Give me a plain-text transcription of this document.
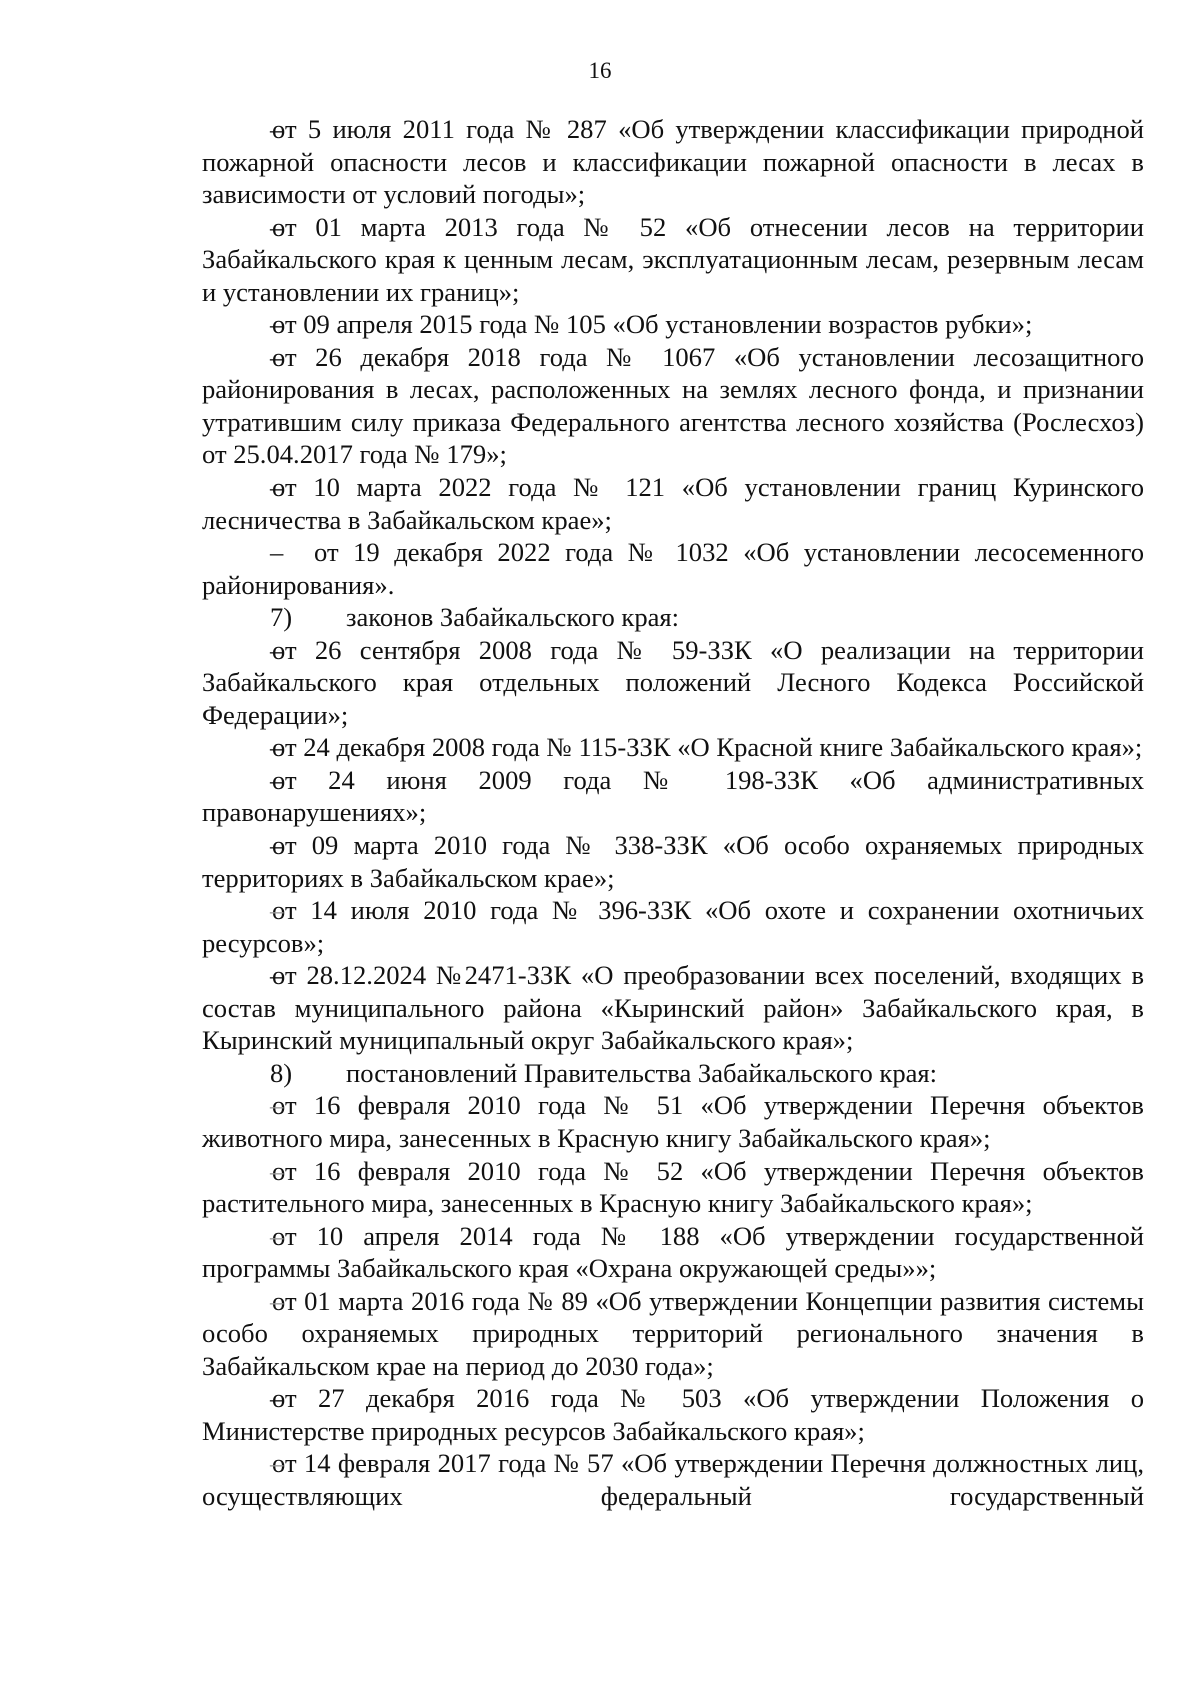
16
– от 5 июля 2011 года № 287 «Об утверждении классификации природной пожарной опасности лесов и классификации пожарной опасности в лесах в зависимости от условий погоды»;
– от 01 марта 2013 года № 52 «Об отнесении лесов на территории Забайкальского края к ценным лесам, эксплуатационным лесам, резервным лесам и установлении их границ»;
– от 09 апреля 2015 года № 105 «Об установлении возрастов рубки»;
– от 26 декабря 2018 года № 1067 «Об установлении лесозащитного районирования в лесах, расположенных на землях лесного фонда, и признании утратившим силу приказа Федерального агентства лесного хозяйства (Рослесхоз) от 25.04.2017 года № 179»;
– от 10 марта 2022 года № 121 «Об установлении границ Куринского лесничества в Забайкальском крае»;
– от 19 декабря 2022 года № 1032 «Об установлении лесосеменного районирования».
7) законов Забайкальского края:
– от 26 сентября 2008 года № 59-ЗЗК «О реализации на территории Забайкальского края отдельных положений Лесного Кодекса Российской Федерации»;
– от 24 декабря 2008 года № 115-ЗЗК «О Красной книге Забайкальского края»;
– от 24 июня 2009 года № 198-ЗЗК «Об административных правонарушениях»;
– от 09 марта 2010 года № 338-ЗЗК «Об особо охраняемых природных территориях в Забайкальском крае»;
– от 14 июля 2010 года № 396-ЗЗК «Об охоте и сохранении охотничьих ресурсов»;
– от 28.12.2024 №2471-ЗЗК «О преобразовании всех поселений, входящих в состав муниципального района «Кыринский район» Забайкальского края, в Кыринский муниципальный округ Забайкальского края»;
8) постановлений Правительства Забайкальского края:
– от 16 февраля 2010 года № 51 «Об утверждении Перечня объектов животного мира, занесенных в Красную книгу Забайкальского края»;
– от 16 февраля 2010 года № 52 «Об утверждении Перечня объектов растительного мира, занесенных в Красную книгу Забайкальского края»;
– от 10 апреля 2014 года № 188 «Об утверждении государственной программы Забайкальского края «Охрана окружающей среды»»;
– от 01 марта 2016 года № 89 «Об утверждении Концепции развития системы особо охраняемых природных территорий регионального значения в Забайкальском крае на период до 2030 года»;
– от 27 декабря 2016 года № 503 «Об утверждении Положения о Министерстве природных ресурсов Забайкальского края»;
– от 14 февраля 2017 года № 57 «Об утверждении Перечня должностных лиц, осуществляющих федеральный государственный
